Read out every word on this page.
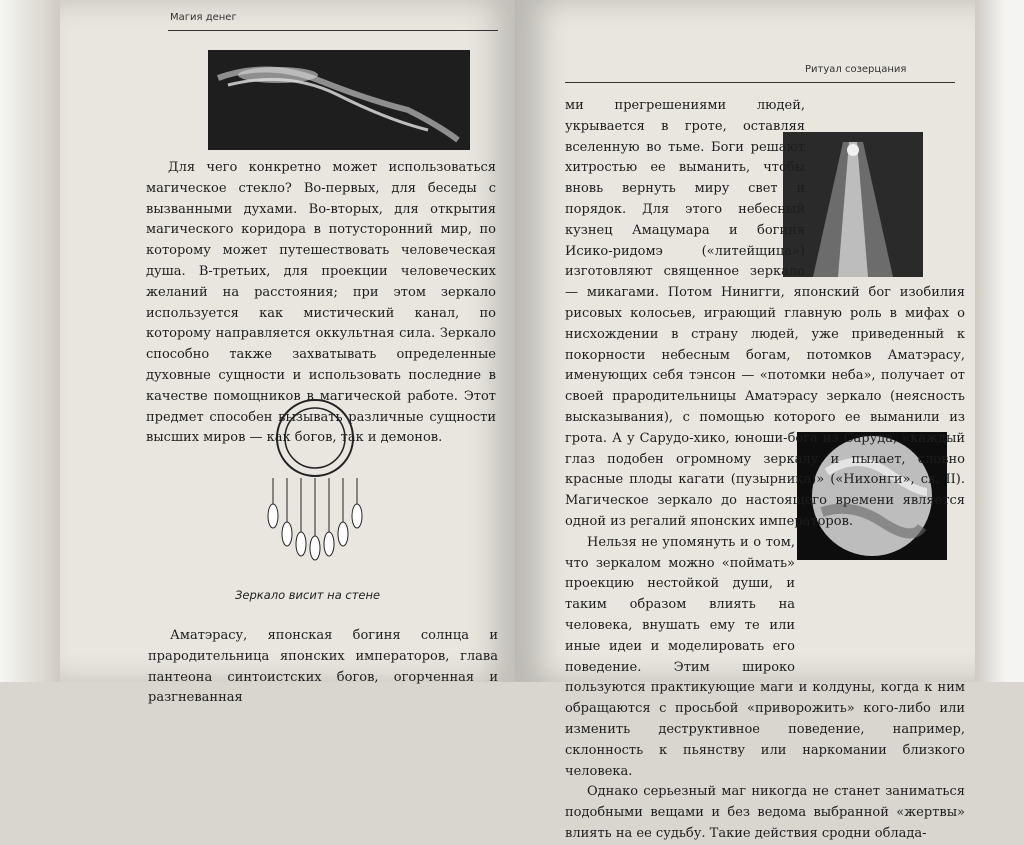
Магия денег

Для чего конкретно может использоваться магическое стекло? Во-первых, для беседы с вызванными духами. Во-вторых, для открытия магического коридора в потусторонний мир, по которому может путешествовать человеческая душа. В-третьих, для проекции человеческих желаний на расстояния; при этом зеркало используется как мистический канал, по которому направляется оккультная сила. Зеркало способно также захватывать определенные духовные сущности и использовать последние в качестве помощников в магической работе. Этот предмет способен вызывать различные сущности высших миров — как богов, так и демонов.

Зеркало висит на стене

Аматэрасу, японская богиня солнца и прародительница японских императоров, глава пантеона синтоистских богов, огорченная и разгневанная

Ритуал созерцания

ми прегрешениями людей, укрывается в гроте, оставляя вселенную во тьме. Боги решают хитростью ее выманить, чтобы вновь вернуть миру свет и порядок. Для этого небесный кузнец Амацумара и богиня Исико-ридомэ («литейщица») изготовляют священное зеркало — микагами. Потом Нинигги, японский бог изобилия рисовых колосьев, играющий главную роль в мифах о нисхождении в страну людей, уже приведенный к покорности небесным богам, потомков Аматэрасу, именующих себя тэнсон — «потомки неба», получает от своей прародительницы Аматэрасу зеркало (неясность высказывания), с помощью которого ее выманили из грота. А у Сарудо-хико, юноши-бога из Саруда, «каждый глаз подобен огромному зеркалу и пылает, словно красные плоды кагати (пузырника)» («Нихонги», св. II). Магическое зеркало до настоящего времени является одной из регалий японских императоров.

Нельзя не упомянуть и о том, что зеркалом можно «поймать» проекцию нестойкой души, и таким образом влиять на человека, внушать ему те или иные идеи и моделировать его поведение. Этим широко пользуются практикующие маги и колдуны, когда к ним обращаются с просьбой «приворожить» кого-либо или изменить деструктивное поведение, например, склонность к пьянству или наркомании близкого человека.

Однако серьезный маг никогда не станет заниматься подобными вещами и без ведома выбранной «жертвы» влиять на ее судьбу. Такие действия сродни облада-
